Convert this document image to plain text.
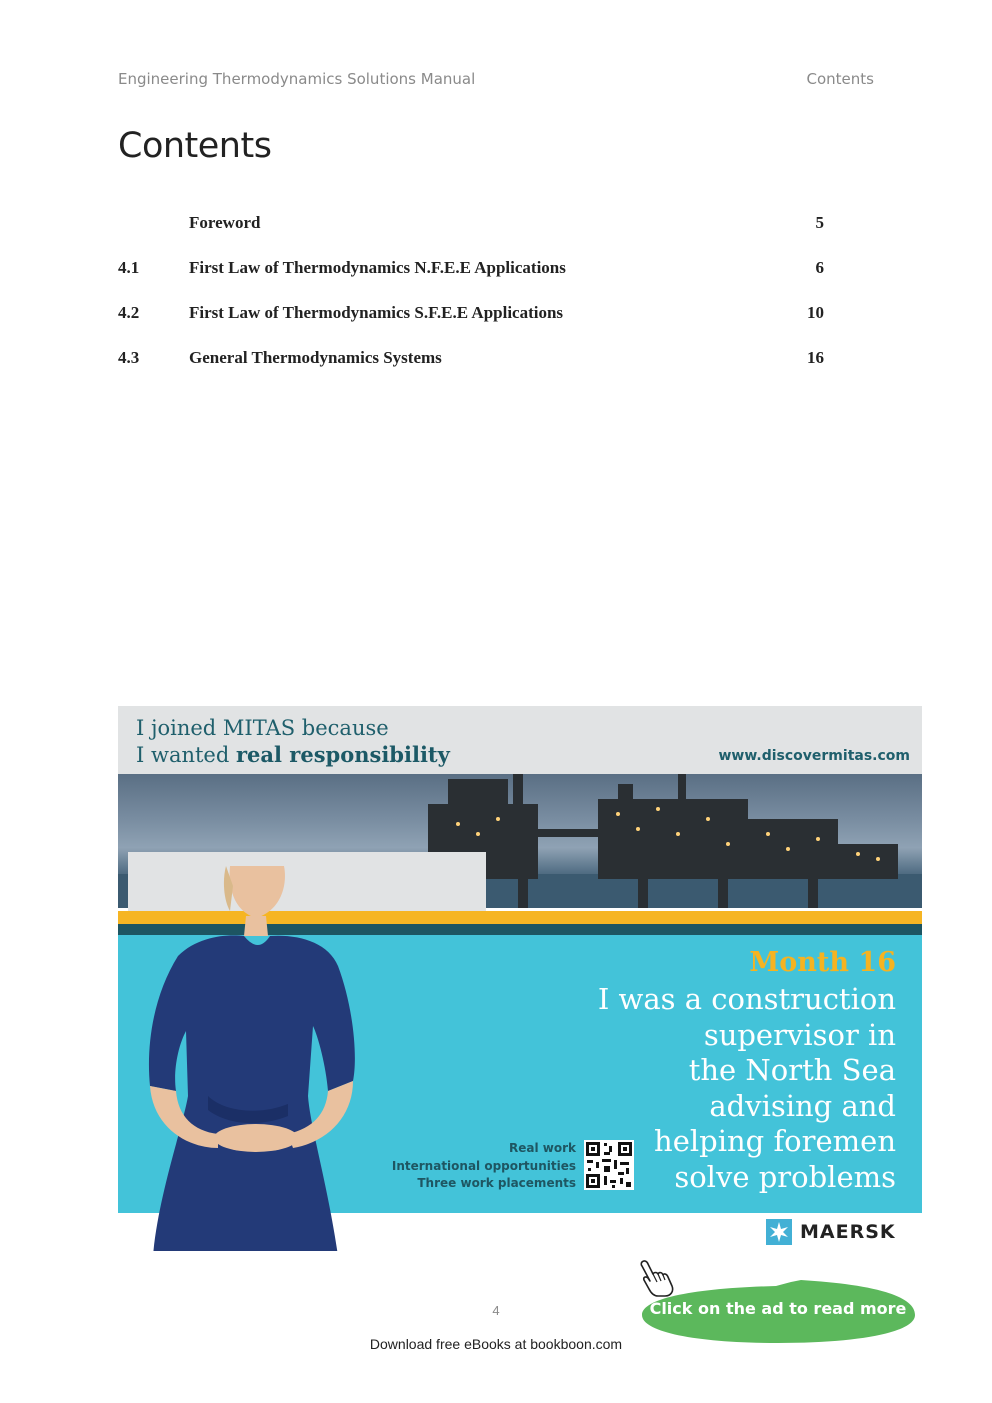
Engineering Thermodynamics Solutions Manual	Contents
Contents
Foreword	5
4.1	First Law of Thermodynamics N.F.E.E Applications	6
4.2	First Law of Thermodynamics S.F.E.E Applications	10
4.3	General Thermodynamics Systems	16
I joined MITAS because
I wanted real responsibility	www.discovermitas.com
Month 16
I was a construction
supervisor in
the North Sea
advising and
helping foremen
solve problems
Real work
International opportunities
Three work placements
MAERSK
Click on the ad to read more
4
Download free eBooks at bookboon.com
